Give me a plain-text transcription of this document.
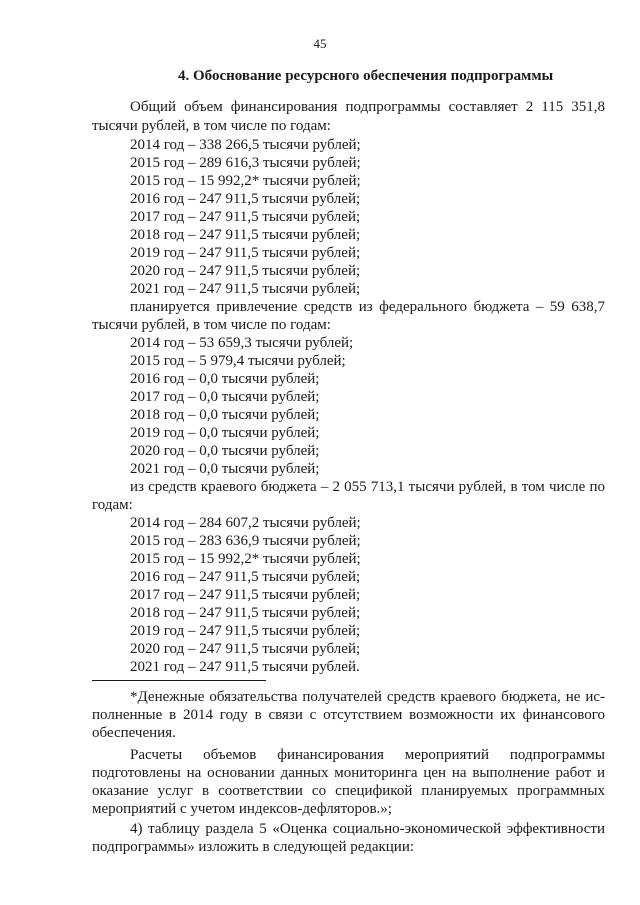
45
4. Обоснование ресурсного обеспечения подпрограммы
Общий объем финансирования подпрограммы составляет 2 115 351,8
тысячи рублей, в том числе по годам:
2014 год – 338 266,5 тысячи рублей;
2015 год – 289 616,3 тысячи рублей;
2015 год – 15 992,2* тысячи рублей;
2016 год – 247 911,5 тысячи рублей;
2017 год – 247 911,5 тысячи рублей;
2018 год – 247 911,5 тысячи рублей;
2019 год – 247 911,5 тысячи рублей;
2020 год – 247 911,5 тысячи рублей;
2021 год – 247 911,5 тысячи рублей;
планируется привлечение средств из федерального бюджета – 59 638,7
тысячи рублей, в том числе по годам:
2014 год – 53 659,3 тысячи рублей;
2015 год – 5 979,4 тысячи рублей;
2016 год – 0,0 тысячи рублей;
2017 год – 0,0 тысячи рублей;
2018 год – 0,0 тысячи рублей;
2019 год – 0,0 тысячи рублей;
2020 год – 0,0 тысячи рублей;
2021 год – 0,0 тысячи рублей;
из средств краевого бюджета – 2 055 713,1 тысячи рублей, в том числе по
годам:
2014 год – 284 607,2 тысячи рублей;
2015 год – 283 636,9 тысячи рублей;
2015 год – 15 992,2* тысячи рублей;
2016 год – 247 911,5 тысячи рублей;
2017 год – 247 911,5 тысячи рублей;
2018 год – 247 911,5 тысячи рублей;
2019 год – 247 911,5 тысячи рублей;
2020 год – 247 911,5 тысячи рублей;
2021 год – 247 911,5 тысячи рублей.
*Денежные обязательства получателей средств краевого бюджета, не ис-
полненные в 2014 году в связи с отсутствием возможности их финансового
обеспечения.
Расчеты объемов финансирования мероприятий подпрограммы
подготовлены на основании данных мониторинга цен на выполнение работ и
оказание услуг в соответствии со спецификой планируемых программных
мероприятий с учетом индексов-дефляторов.»;
4) таблицу раздела 5 «Оценка социально-экономической эффективности
подпрограммы» изложить в следующей редакции:
